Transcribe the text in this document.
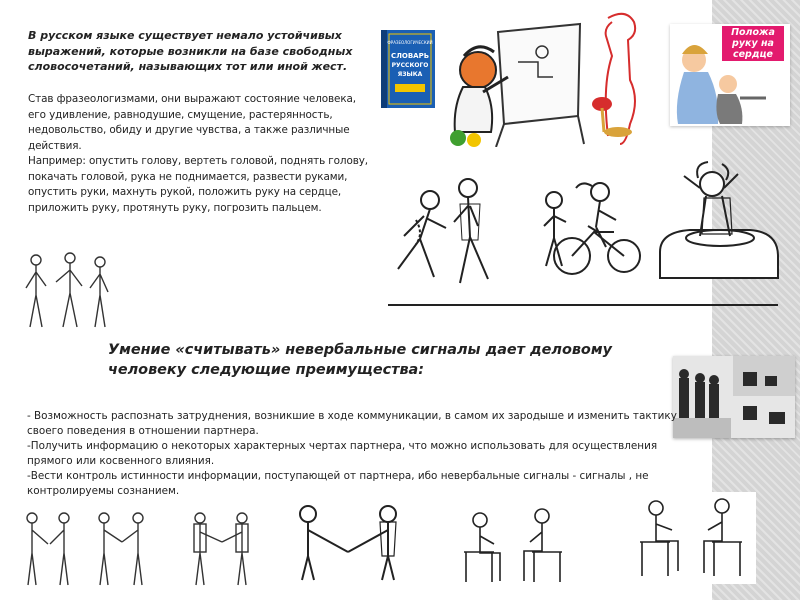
В русском языке существует немало устойчивых выражений, которые возникли на базе свободных словосочетаний, называющих тот или иной жест.

Став фразеологизмами, они выражают состояние человека, его удивление, равнодушие, смущение, растерянность, недовольство, обиду и другие чувства, а также различные действия.

Например: опустить голову, вертеть головой, поднять голову, покачать головой, рука не поднимается, развести руками, опустить руки, махнуть рукой, положить руку на сердце, приложить руку, протянуть руку, погрозить пальцем.

ФРАЗЕОЛОГИЧЕСКИЙ
СЛОВАРЬ
РУССКОГО
ЯЗЫКА
Положа руку на сердце
Умение «считывать» невербальные сигналы дает деловому человеку следующие преимущества:
- Возможность распознать затруднения, возникшие в ходе коммуникации, в самом их зародыше и изменить тактику своего поведения в отношении партнера.
-Получить информацию о некоторых характерных чертах партнера, что можно использовать для осуществления прямого или косвенного влияния.
-Вести контроль истинности информации, поступающей от партнера, ибо невербальные сигналы - сигналы , не контролируемы сознанием.
